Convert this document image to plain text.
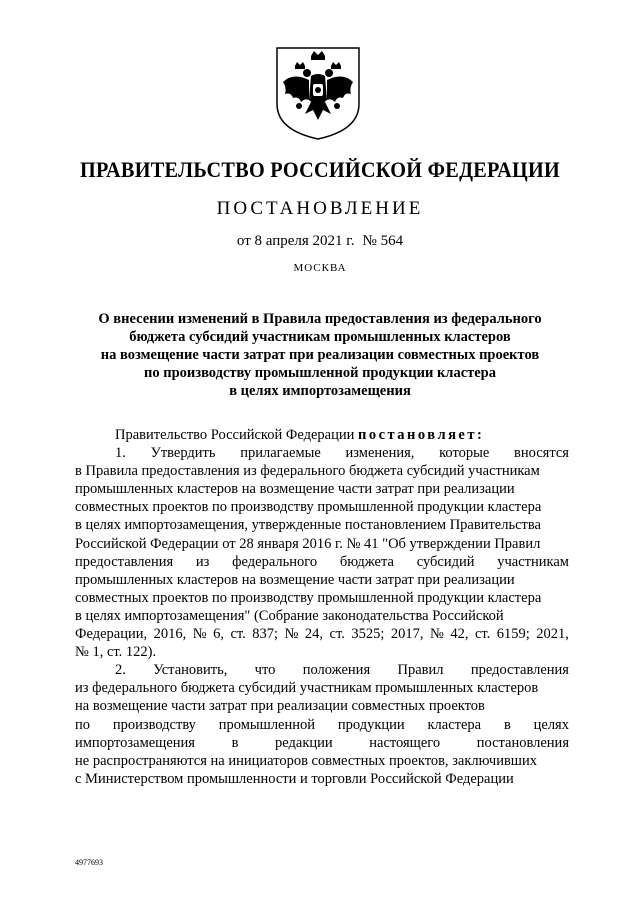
ПРАВИТЕЛЬСТВО РОССИЙСКОЙ ФЕДЕРАЦИИ
ПОСТАНОВЛЕНИЕ
от 8 апреля 2021 г. № 564
МОСКВА
О внесении изменений в Правила предоставления из федерального
бюджета субсидий участникам промышленных кластеров
на возмещение части затрат при реализации совместных проектов
по производству промышленной продукции кластера
в целях импортозамещения
Правительство Российской Федерации постановляет:
1. Утвердить прилагаемые изменения, которые вносятся
в Правила предоставления из федерального бюджета субсидий участникам
промышленных кластеров на возмещение части затрат при реализации
совместных проектов по производству промышленной продукции кластера
в целях импортозамещения, утвержденные постановлением Правительства
Российской Федерации от 28 января 2016 г. № 41 "Об утверждении Правил
предоставления из федерального бюджета субсидий участникам
промышленных кластеров на возмещение части затрат при реализации
совместных проектов по производству промышленной продукции кластера
в целях импортозамещения" (Собрание законодательства Российской
Федерации, 2016, № 6, ст. 837; № 24, ст. 3525; 2017, № 42, ст. 6159; 2021,
№ 1, ст. 122).
2. Установить, что положения Правил предоставления
из федерального бюджета субсидий участникам промышленных кластеров
на возмещение части затрат при реализации совместных проектов
по производству промышленной продукции кластера в целях
импортозамещения	в	редакции	настоящего	постановления
не распространяются на инициаторов совместных проектов, заключивших
с Министерством промышленности и торговли Российской Федерации
4977693
